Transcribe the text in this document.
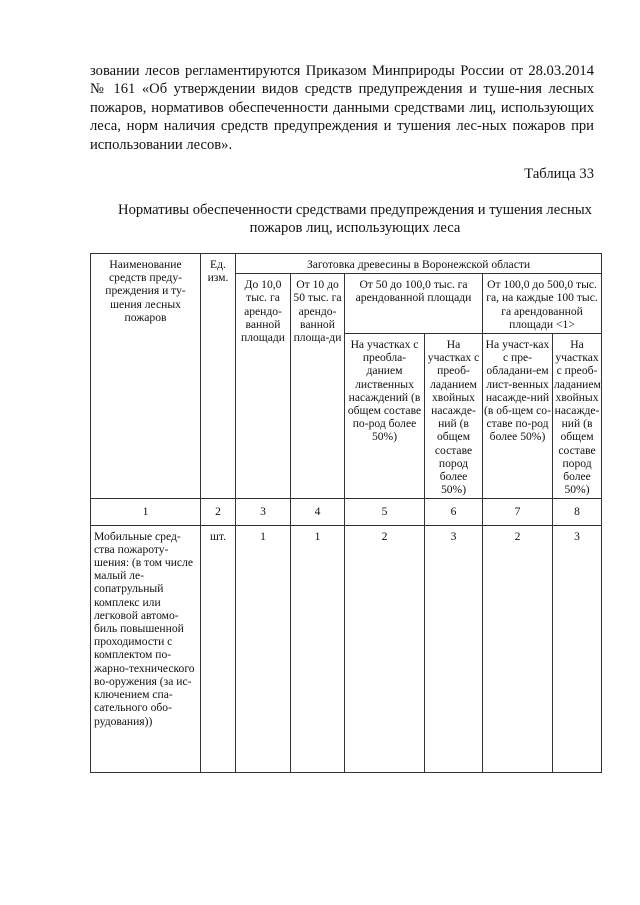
зовании лесов регламентируются Приказом Минприроды России от 28.03.2014 № 161 «Об утверждении видов средств предупреждения и туше-ния лесных пожаров, нормативов обеспеченности данными средствами лиц, использующих леса, норм наличия средств предупреждения и тушения лес-ных пожаров при использовании лесов».

Таблица 33

Нормативы обеспеченности средствами предупреждения и тушения лесных пожаров лиц, использующих леса

Наименование средств преду-преждения и ту-шения лесных пожаров	Ед. изм.	Заготовка древесины в Воронежской области					
		До 10,0 тыс. га арендо-ванной площади	От 10 до 50 тыс. га арендо-ванной площа-ди	От 50 до 100,0 тыс. га арендованной площади		От 100,0 до 500,0 тыс. га, на каждые 100 тыс. га арендованной площади <1>	
				На участках с преобла-данием лиственных насаждений (в общем составе по-род более 50%)	На участках с преоб-ладанием хвойных насажде-ний (в общем составе пород более 50%)	На участ-ках с пре-обладани-ем лист-венных насажде-ний (в об-щем со-ставе по-род более 50%)	На участках с преоб-ладанием хвойных насажде-ний (в общем составе пород более 50%)
1	2	3	4	5	6	7	8
Мобильные сред-ства пожароту-шения: (в том числе малый ле-сопатрульный комплекс или легковой автомо-биль повышенной проходимости с комплектом по-жарно-технического во-оружения (за ис-ключением спа-сательного обо-рудования))	шт.	1	1	2	3	2	3
